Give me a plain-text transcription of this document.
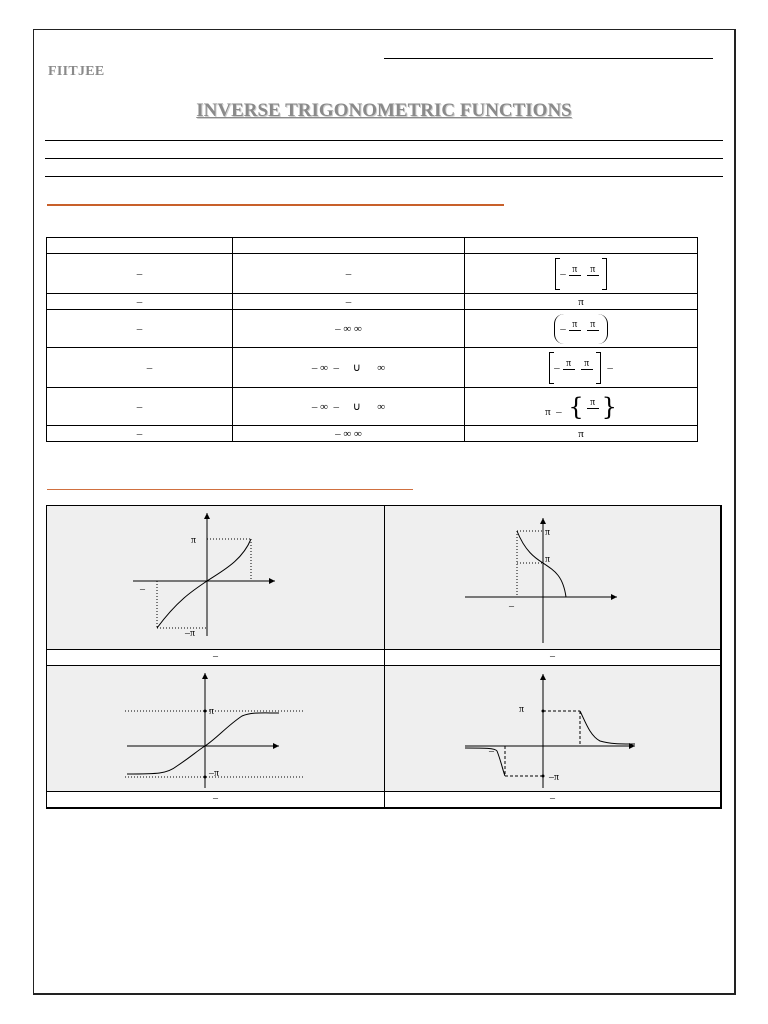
FIITJEE
INVERSE TRIGONOMETRIC FUNCTIONS

–	–	– π π

–	–	π
–	– ∞ ∞	– π π

–	– ∞  –     ∪      ∞	– π π –
–	– ∞  –     ∪      ∞	π  – { π }

–	– ∞ ∞	π
π
–π
–
π
π
–
–	–
π
–π
π
–π
–
–	–
